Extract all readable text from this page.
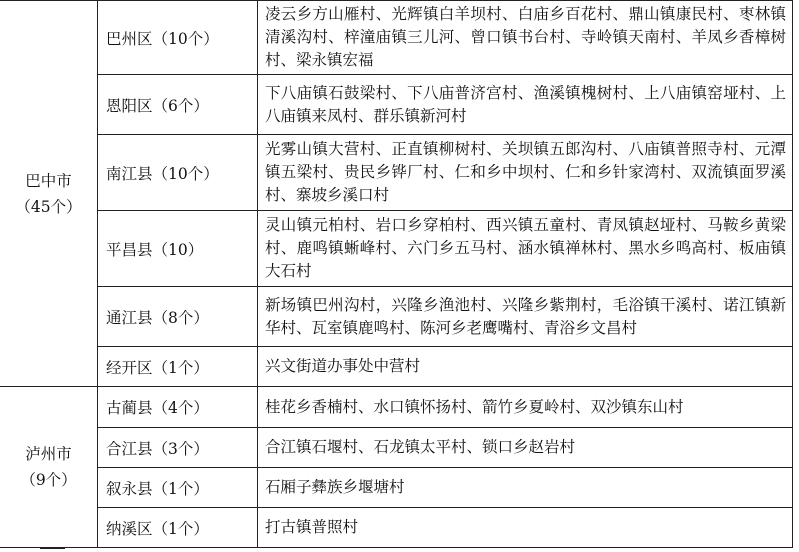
巴中市
（45个）	巴州区（10个）	凌云乡方山雁村、光辉镇白羊坝村、白庙乡百花村、鼎山镇康民村、枣林镇清溪沟村、梓潼庙镇三儿河、曾口镇书台村、寺岭镇天南村、羊凤乡香樟树村、梁永镇宏福
	恩阳区（6个）	下八庙镇石鼓梁村、下八庙普济宫村、渔溪镇槐树村、上八庙镇窑垭村、上八庙镇来凤村、群乐镇新河村
	南江县（10个）	光雾山镇大营村、正直镇柳树村、关坝镇五郎沟村、八庙镇普照寺村、元潭镇五梁村、贵民乡铧厂村、仁和乡中坝村、仁和乡针家湾村、双流镇面罗溪村、寨坡乡溪口村
	平昌县（10）	灵山镇元柏村、岩口乡穿柏村、西兴镇五童村、青凤镇赵垭村、马鞍乡黄梁村、鹿鸣镇蜥峰村、六门乡五马村、涵水镇禅林村、黑水乡鸣高村、板庙镇大石村
	通江县（8个）	新场镇巴州沟村，兴隆乡渔池村、兴隆乡紫荆村，毛浴镇干溪村、诺江镇新华村、瓦室镇鹿鸣村、陈河乡老鹰嘴村、青浴乡文昌村
	经开区（1个）	兴文街道办事处中营村

泸州市
（9个）	古蔺县（4个）	桂花乡香楠村、水口镇怀扬村、箭竹乡夏岭村、双沙镇东山村
	合江县（3个）	合江镇石堰村、石龙镇太平村、锁口乡赵岩村
	叙永县（1个）	石厢子彝族乡堰塘村
	纳溪区（1个）	打古镇普照村
